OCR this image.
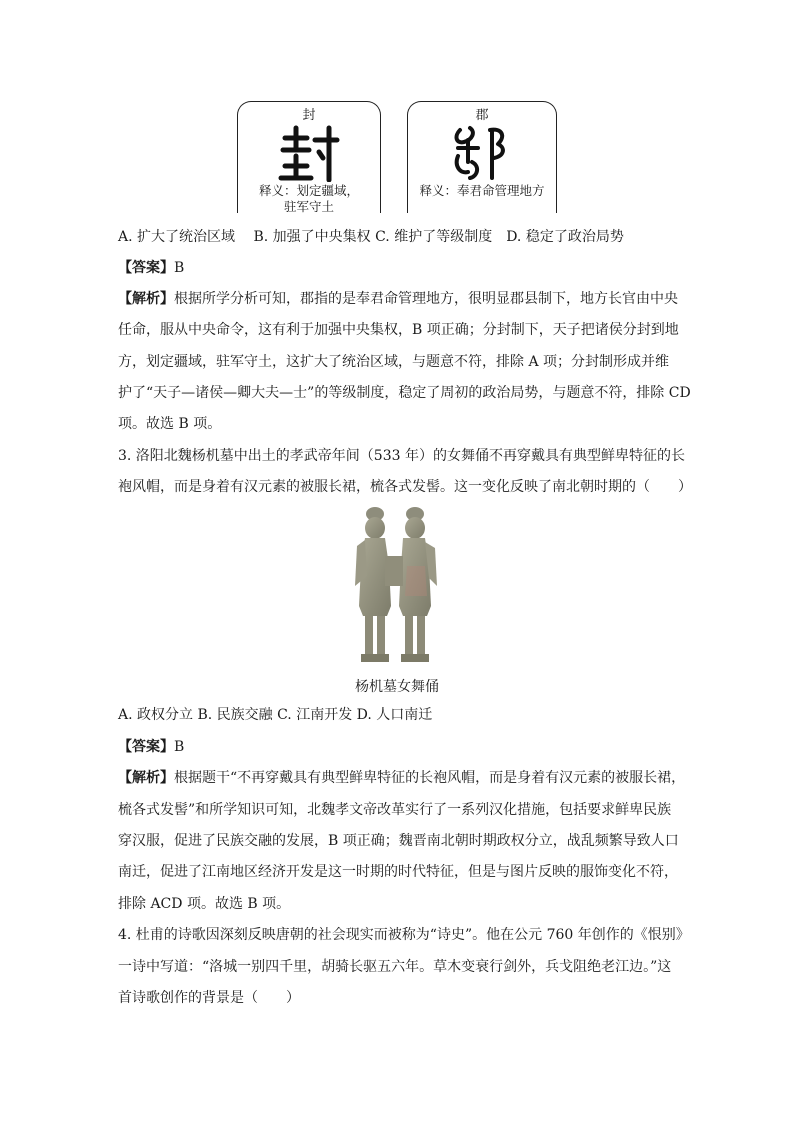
封
释义：划定疆域，
驻军守土
郡
释义：奉君命管理地方
A. 扩大了统治区域　 B. 加强了中央集权 C. 维护了等级制度　D. 稳定了政治局势
【答案】B
【解析】根据所学分析可知，郡指的是奉君命管理地方，很明显郡县制下，地方长官由中央
任命，服从中央命令，这有利于加强中央集权，B 项正确；分封制下，天子把诸侯分封到地
方，划定疆域，驻军守土，这扩大了统治区域，与题意不符，排除 A 项；分封制形成并维
护了“天子—诸侯—卿大夫—士”的等级制度，稳定了周初的政治局势，与题意不符，排除 CD
项。故选 B 项。
3. 洛阳北魏杨机墓中出土的孝武帝年间（533 年）的女舞俑不再穿戴具有典型鲜卑特征的长
袍风帽，而是身着有汉元素的被服长裙，梳各式发髻。这一变化反映了南北朝时期的（　　）
杨机墓女舞俑
A. 政权分立 B. 民族交融 C. 江南开发 D. 人口南迁
【答案】B
【解析】根据题干“不再穿戴具有典型鲜卑特征的长袍风帽，而是身着有汉元素的被服长裙，
梳各式发髻”和所学知识可知，北魏孝文帝改革实行了一系列汉化措施，包括要求鲜卑民族
穿汉服，促进了民族交融的发展，B 项正确；魏晋南北朝时期政权分立，战乱频繁导致人口
南迁，促进了江南地区经济开发是这一时期的时代特征，但是与图片反映的服饰变化不符，
排除 ACD 项。故选 B 项。
4. 杜甫的诗歌因深刻反映唐朝的社会现实而被称为“诗史”。他在公元 760 年创作的《恨别》
一诗中写道：“洛城一别四千里，胡骑长驱五六年。草木变衰行剑外，兵戈阻绝老江边。”这
首诗歌创作的背景是（　　）
